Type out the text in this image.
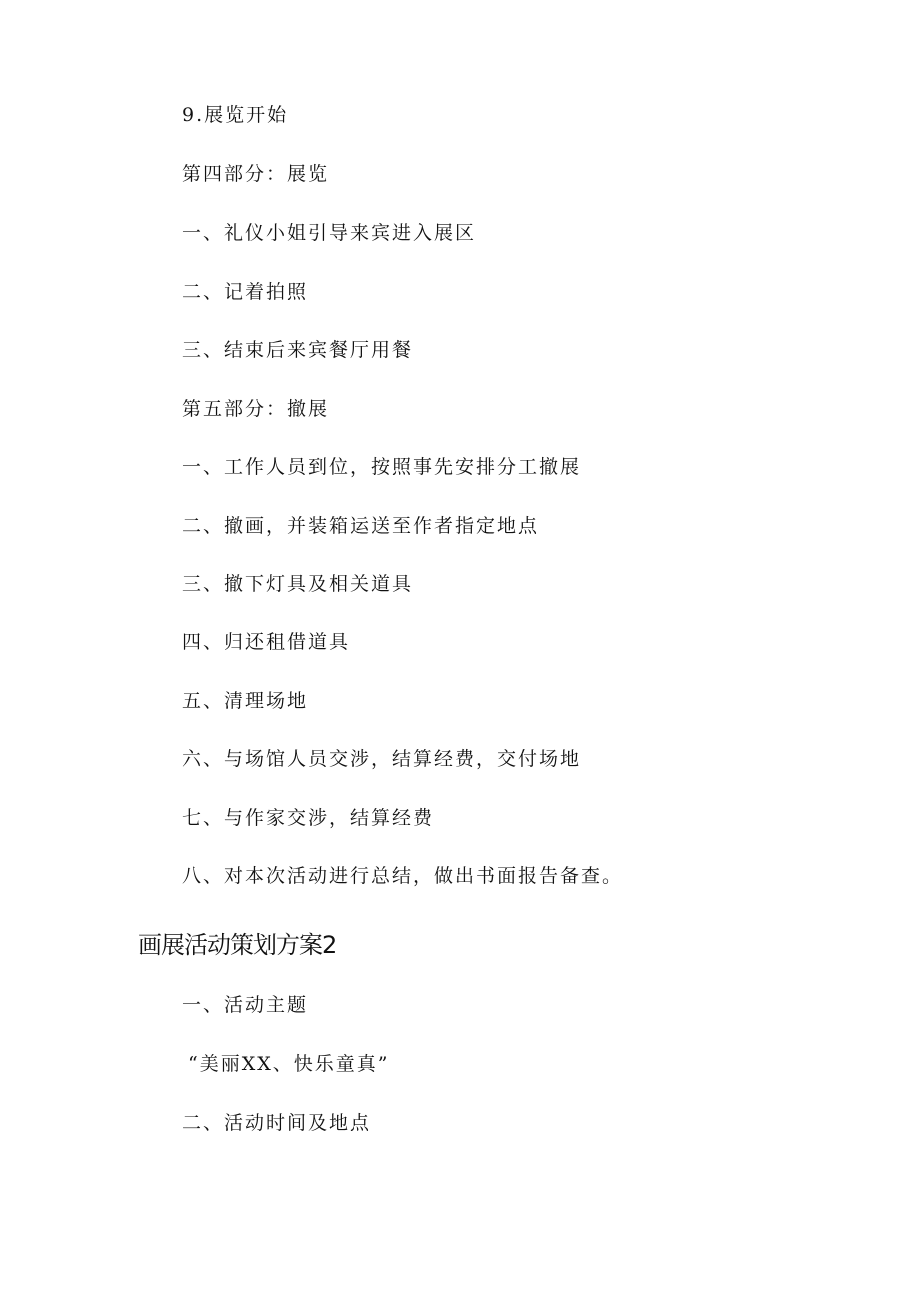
9.展览开始
第四部分：展览
一、礼仪小姐引导来宾进入展区
二、记着拍照
三、结束后来宾餐厅用餐
第五部分：撤展
一、工作人员到位，按照事先安排分工撤展
二、撤画，并装箱运送至作者指定地点
三、撤下灯具及相关道具
四、归还租借道具
五、清理场地
六、与场馆人员交涉，结算经费，交付场地
七、与作家交涉，结算经费
八、对本次活动进行总结，做出书面报告备查。
画展活动策划方案2
一、活动主题
“美丽XX、快乐童真”
二、活动时间及地点
